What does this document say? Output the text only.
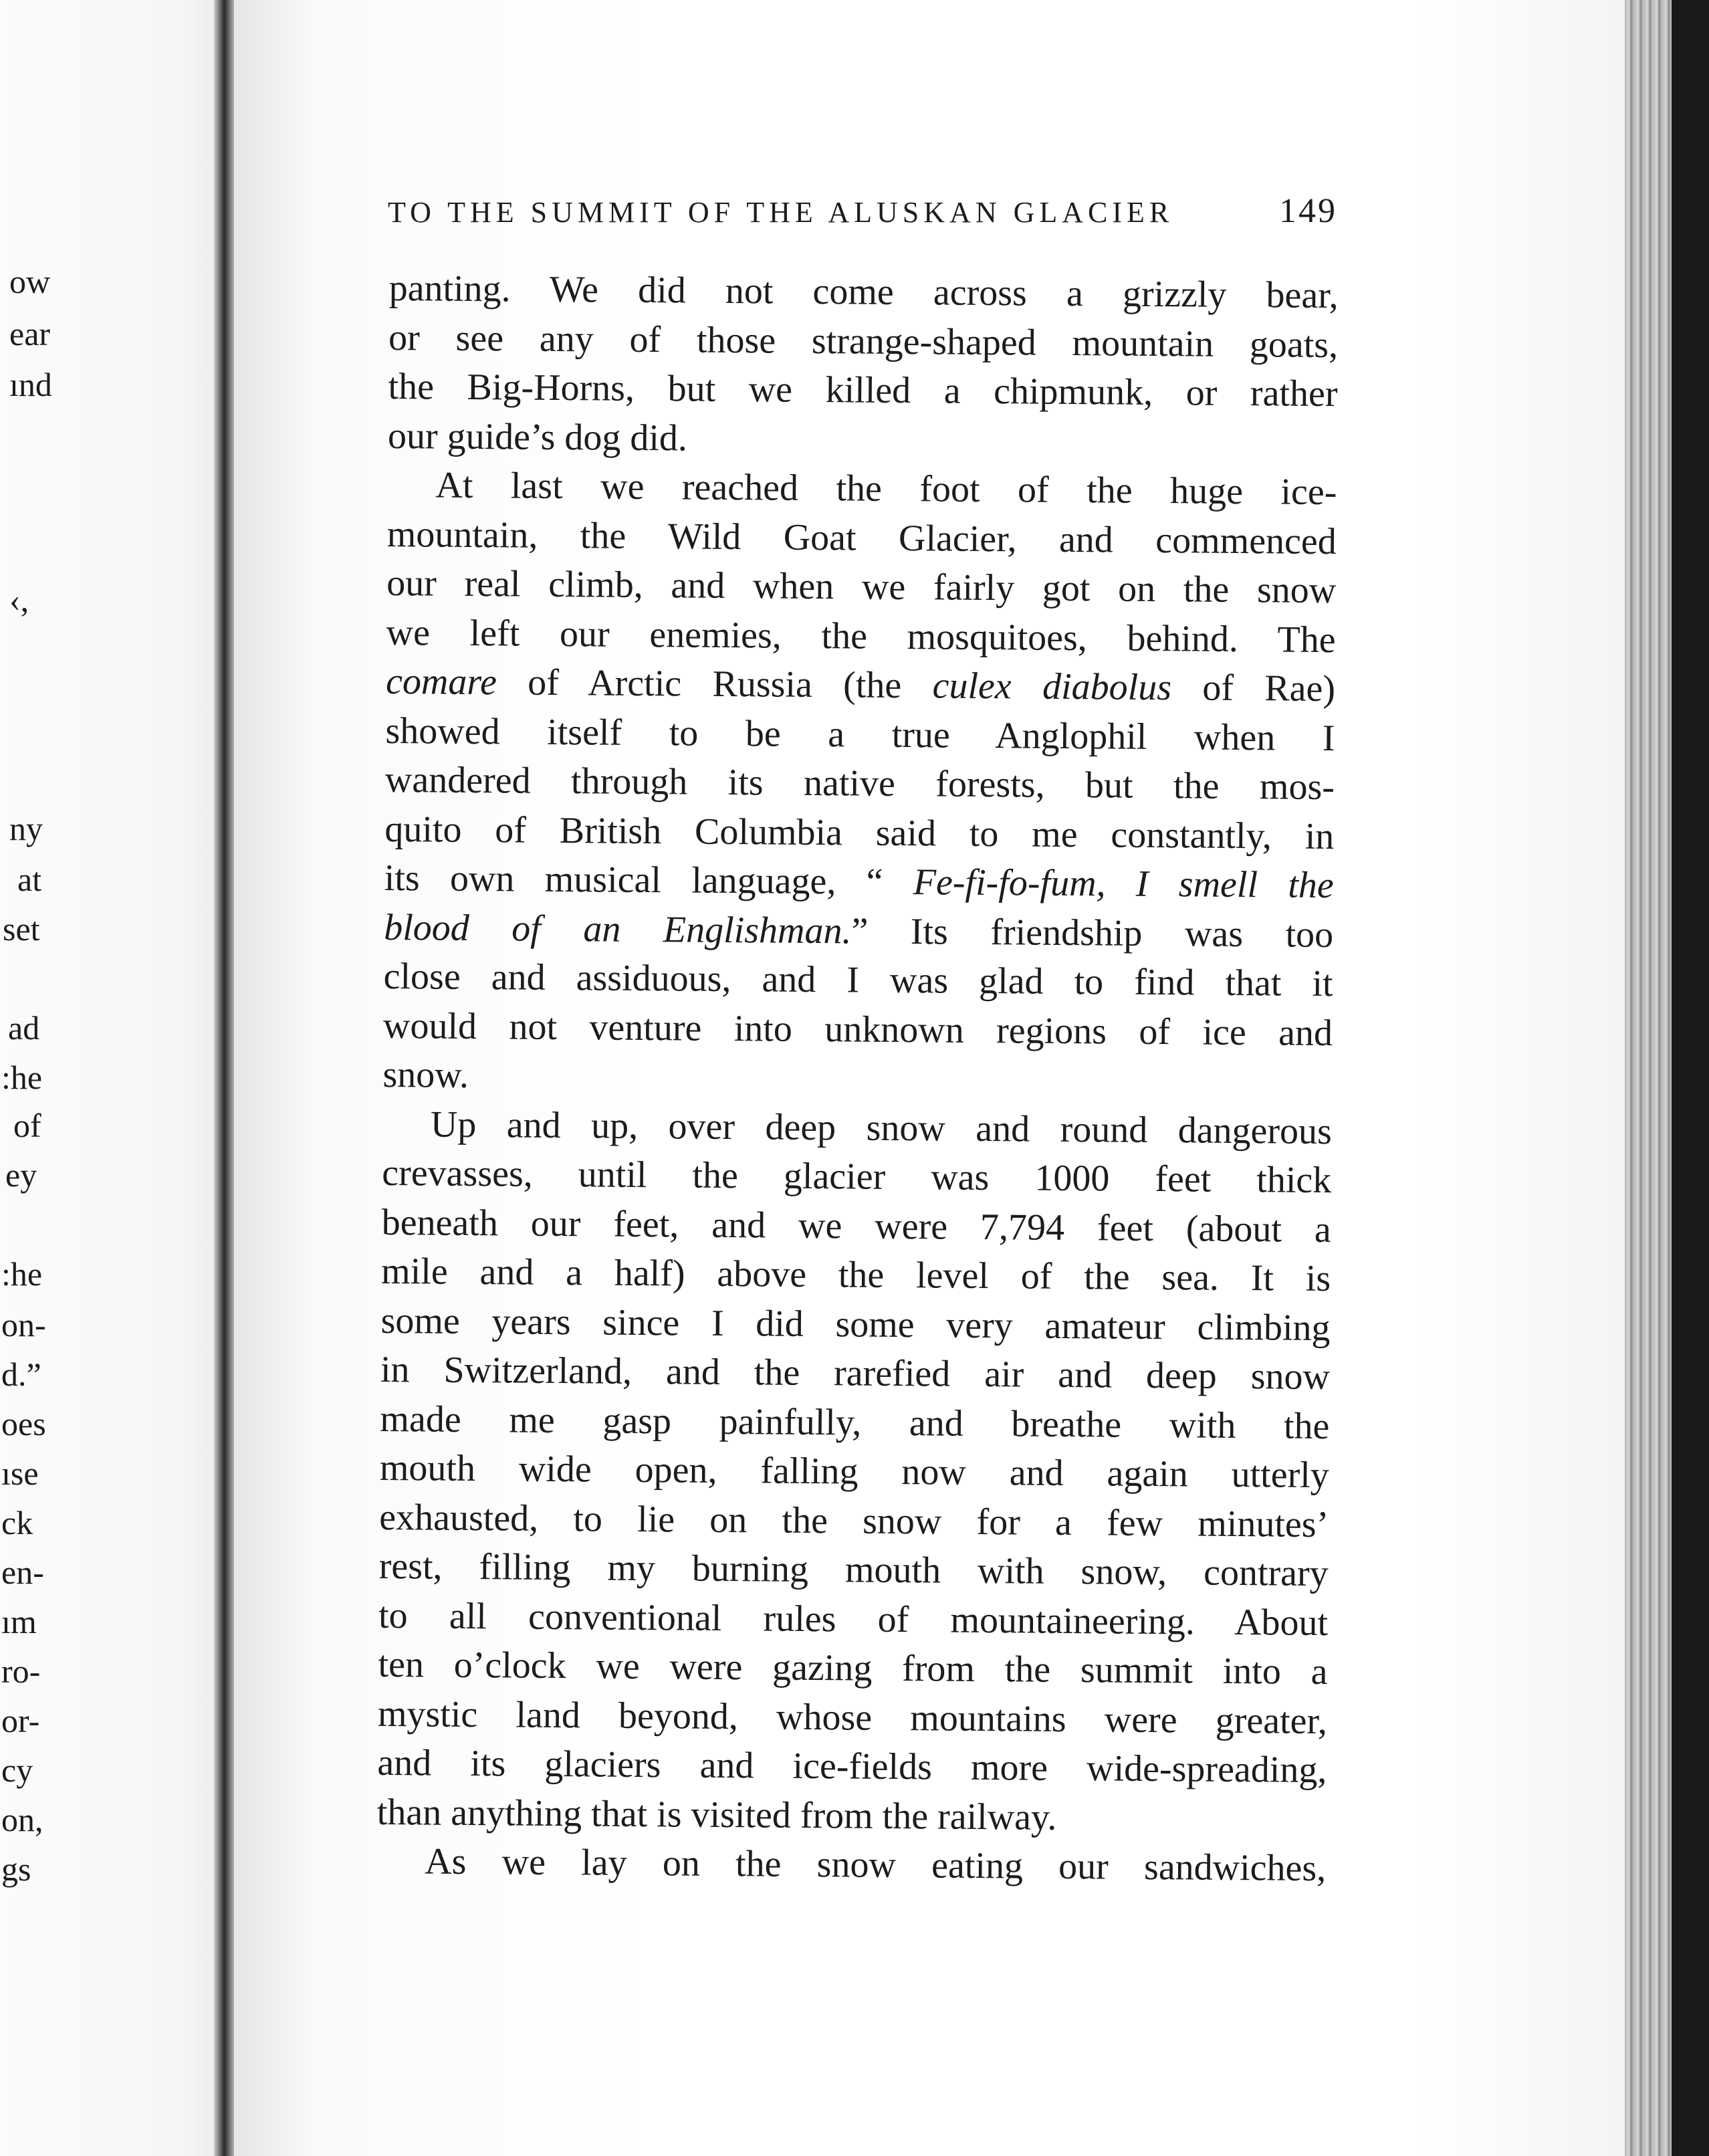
ow
ear
ınd
‹,
ny
at
set
ad
:he
of
ey
:he
on-
d.”
oes
ıse
ck
en-
ım
ro-
or-
cy
on,
gs
TO THE SUMMIT OF THE ALUSKAN GLACIER	149
panting. We did not come across a grizzly bear,
or see any of those strange-shaped mountain goats,
the Big-Horns, but we killed a chipmunk, or rather
our guide’s dog did.
At last we reached the foot of the huge ice-
mountain, the Wild Goat Glacier, and commenced
our real climb, and when we fairly got on the snow
we left our enemies, the mosquitoes, behind. The
comare of Arctic Russia (the culex diabolus of Rae)
showed itself to be a true Anglophil when I
wandered through its native forests, but the mos-
quito of British Columbia said to me constantly, in
its own musical language, “ Fe-fi-fo-fum, I smell the
blood of an Englishman.” Its friendship was too
close and assiduous, and I was glad to find that it
would not venture into unknown regions of ice and
snow.
Up and up, over deep snow and round dangerous
crevasses, until the glacier was 1000 feet thick
beneath our feet, and we were 7,794 feet (about a
mile and a half) above the level of the sea. It is
some years since I did some very amateur climbing
in Switzerland, and the rarefied air and deep snow
made me gasp painfully, and breathe with the
mouth wide open, falling now and again utterly
exhausted, to lie on the snow for a few minutes’
rest, filling my burning mouth with snow, contrary
to all conventional rules of mountaineering. About
ten o’clock we were gazing from the summit into a
mystic land beyond, whose mountains were greater,
and its glaciers and ice-fields more wide-spreading,
than anything that is visited from the railway.
As we lay on the snow eating our sandwiches,
